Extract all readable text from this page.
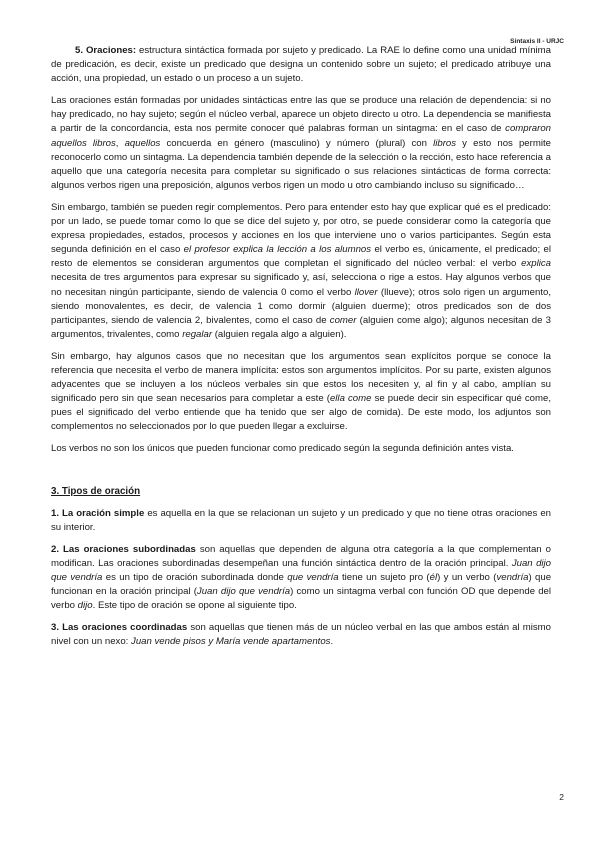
Sintaxis II - URJC

5. Oraciones: estructura sintáctica formada por sujeto y predicado. La RAE lo define como una unidad mínima de predicación, es decir, existe un predicado que designa un contenido sobre un sujeto; el predicado atribuye una acción, una propiedad, un estado o un proceso a un sujeto.

Las oraciones están formadas por unidades sintácticas entre las que se produce una relación de dependencia: si no hay predicado, no hay sujeto; según el núcleo verbal, aparece un objeto directo u otro. La dependencia se manifiesta a partir de la concordancia, esta nos permite conocer qué palabras forman un sintagma: en el caso de compraron aquellos libros, aquellos concuerda en género (masculino) y número (plural) con libros y esto nos permite reconocerlo como un sintagma. La dependencia también depende de la selección o la rección, esto hace referencia a aquello que una categoría necesita para completar su significado o sus relaciones sintácticas de forma correcta: algunos verbos rigen una preposición, algunos verbos rigen un modo u otro cambiando incluso su significado…

Sin embargo, también se pueden regir complementos. Pero para entender esto hay que explicar qué es el predicado: por un lado, se puede tomar como lo que se dice del sujeto y, por otro, se puede considerar como la categoría que expresa propiedades, estados, procesos y acciones en los que interviene uno o varios participantes. Según esta segunda definición en el caso el profesor explica la lección a los alumnos el verbo es, únicamente, el predicado; el resto de elementos se consideran argumentos que completan el significado del núcleo verbal: el verbo explica necesita de tres argumentos para expresar su significado y, así, selecciona o rige a estos. Hay algunos verbos que no necesitan ningún participante, siendo de valencia 0 como el verbo llover (llueve); otros solo rigen un argumento, siendo monovalentes, es decir, de valencia 1 como dormir (alguien duerme); otros predicados son de dos participantes, siendo de valencia 2, bivalentes, como el caso de comer (alguien come algo); algunos necesitan de 3 argumentos, trivalentes, como regalar (alguien regala algo a alguien).

Sin embargo, hay algunos casos que no necesitan que los argumentos sean explícitos porque se conoce la referencia que necesita el verbo de manera implícita: estos son argumentos implícitos. Por su parte, existen algunos adyacentes que se incluyen a los núcleos verbales sin que estos los necesiten y, al fin y al cabo, amplían su significado pero sin que sean necesarios para completar a este (ella come se puede decir sin especificar qué come, pues el significado del verbo entiende que ha tenido que ser algo de comida). De este modo, los adjuntos son complementos no seleccionados por lo que pueden llegar a excluirse.

Los verbos no son los únicos que pueden funcionar como predicado según la segunda definición antes vista.

3. Tipos de oración

1. La oración simple es aquella en la que se relacionan un sujeto y un predicado y que no tiene otras oraciones en su interior.

2. Las oraciones subordinadas son aquellas que dependen de alguna otra categoría a la que complementan o modifican. Las oraciones subordinadas desempeñan una función sintáctica dentro de la oración principal. Juan dijo que vendría es un tipo de oración subordinada donde que vendría tiene un sujeto pro (él) y un verbo (vendría) que funcionan en la oración principal (Juan dijo que vendría) como un sintagma verbal con función OD que depende del verbo dijo. Este tipo de oración se opone al siguiente tipo.

3. Las oraciones coordinadas son aquellas que tienen más de un núcleo verbal en las que ambos están al mismo nivel con un nexo: Juan vende pisos y María vende apartamentos.

2
